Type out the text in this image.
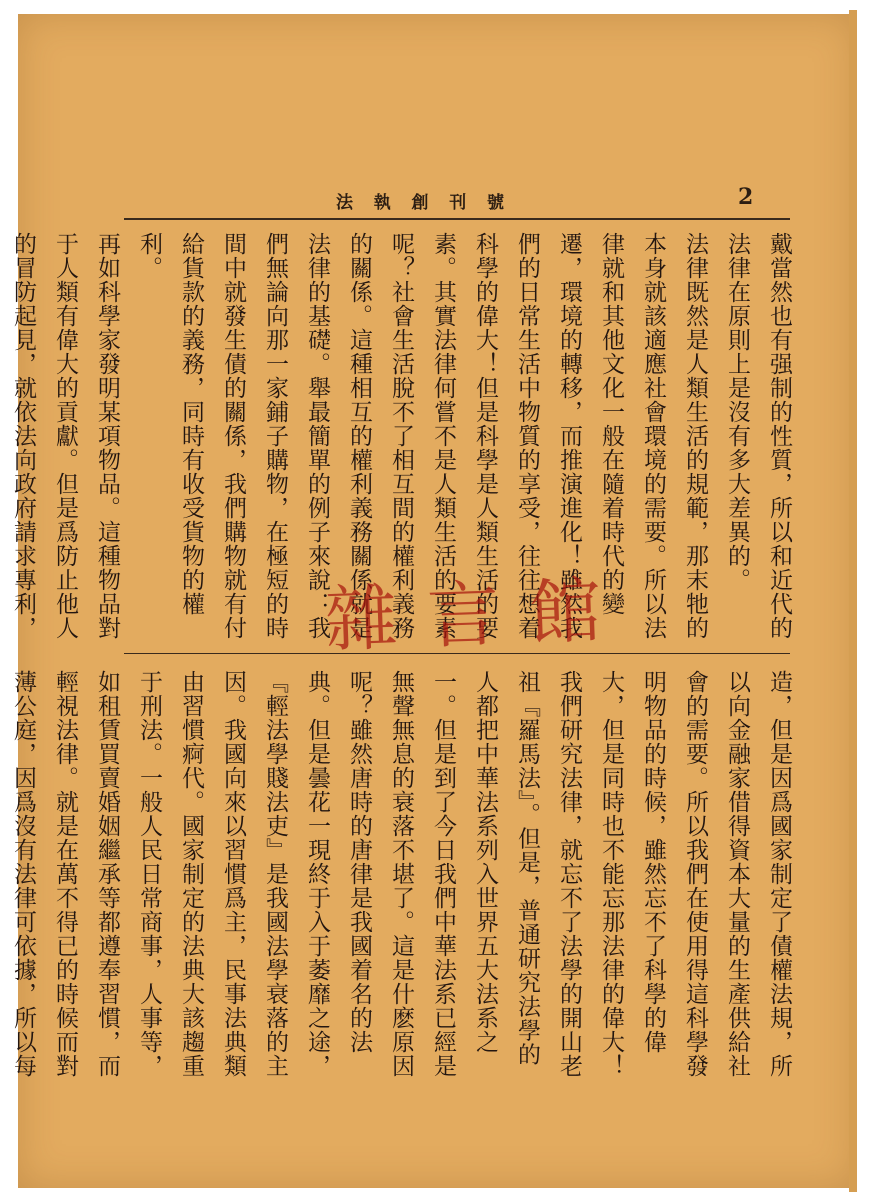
法 執 創 刊 號	2

戴當然也有强制的性質，所以和近代的法律在原則上是沒有多大差異的。

法律既然是人類生活的規範，那末牠的本身就該適應社會環境的需要。所以法律就和其他文化一般在隨着時代的變遷，環境的轉移，而推演進化！雖然我們的日常生活中物質的享受，往往想着科學的偉大！但是科學是人類生活的要素。其實法律何嘗不是人類生活的要素呢？社會生活脫不了相互間的權利義務的關係。這種相互的權利義務關係就是法律的基礎。舉最簡單的例子來說：我們無論向那一家鋪子購物，在極短的時間中就發生債的關係，我們購物就有付給貨款的義務，同時有收受貨物的權利。

再如科學家發明某項物品。這種物品對于人類有偉大的貢獻。但是爲防止他人的冒防起見，就依法向政府請求專利，

造，但是因爲國家制定了債權法規，所以向金融家借得資本大量的生產供給社會的需要。所以我們在使用得這科學發明物品的時候，雖然忘不了科學的偉大，但是同時也不能忘那法律的偉大！

我們研究法律，就忘不了法學的開山老祖『羅馬法』。但是，普通研究法學的人都把中華法系列入世界五大法系之一。但是到了今日我們中華法系已經是無聲無息的衰落不堪了。這是什麽原因呢？雖然唐時的唐律是我國着名的法典。但是曇花一現終于入于萎靡之途，『輕法學賤法吏』是我國法學衰落的主因。我國向來以習慣爲主，民事法典類由習慣痾代。國家制定的法典大該趨重于刑法。一般人民日常商事，人事等，如租賃買賣婚姻繼承等都遵奉習慣，而輕視法律。就是在萬不得已的時候而對薄公庭，因爲沒有法律可依據，所以每

雜 言 館
